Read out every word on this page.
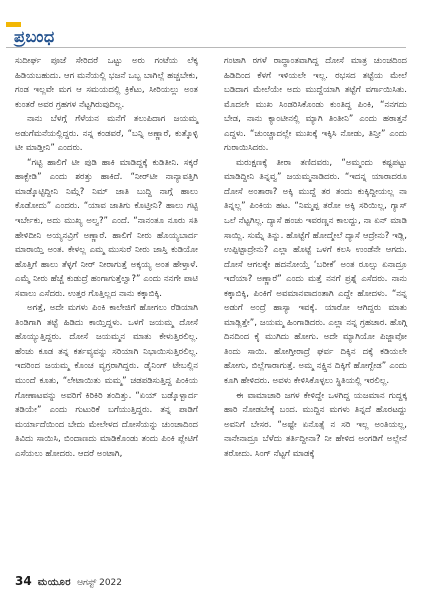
ಪ್ರಬಂಧ

ಸುದೀರ್ಘ ಪೂಜೆ ಸೇರಿದರೆ ಒಟ್ಟು ಅರು ಗಂಟೆಯ ಲೆಕ್ಕ ಹಿಡಿಯಬಹುದು. ಆಗ ಮನೆಯಲ್ಲಿ ಭಜನೆ ಒಬ್ಬ ಬಾಗಿಲ್ಲೆ ಹಚ್ಚಬೇಕು, ಗಂಡ ಇಲ್ಲವೇ ಮಗ ಆ ಸಮಯದಲ್ಲಿ ಕ್ರಿಕೆಟು, ಸೀರಿಯಲ್ಲು ಅಂತ ಕುಂತರೆ ಅವರ ಗ್ರಹಗಳ ನೆಟ್ಟಗಿರುವುದಿಲ್ಲ.

ನಾನು ಬೆಳಗ್ಗೆ ಗೆಳೆಯನ ಮನೆಗೆ ತಲುಪಿದಾಗ ಜಯಮ್ಮ ಅಡುಗೆಮನೆಯಲ್ಲಿದ್ದರು. ನನ್ನ ಕಂಡವರೆ, “ಬನ್ನಿ ಅಣ್ಣಾರೆ, ಕುತ್ಕೊಳ್ಳಿ ಟೀ ಮಾಡ್ತೀನಿ” ಎಂದರು.

“ಗಟ್ಟಿ ಹಾಲಿಗೆ ಟೀ ಪುಡಿ ಹಾಕಿ ಮಾಡಿದ್ದಕ್ಕೆ ಕುಡಿತೀನಿ. ಸಕ್ಕರೆ ಹಾಕ್ಬೇಡಿ” ಎಂದು ಶರತ್ತು ಹಾಕಿದೆ. “ನೀರ್‌ಟೀ ನಾನ್ಯಾವತ್ತಿಗಿ ಮಾಡ್ಕೊಟ್ಟಿದ್ದೀನಿ ನಿಮ್ಗೆ? ನಿಮ್ ಜಾತಿ ಬುದ್ದಿ ನಾಗ್ಗೆ ಹಾಲು ಕೊಡೋದು” ಎಂದರು. “ಯಾವ ಜಾತಿಗು ಕೊಟ್ತೀನಿ? ಹಾಲು ಗಟ್ಟಿ ಇರ್ಬೇಕು, ಅದು ಮುಖ್ಯ ಅಲ್ವ?” ಎಂದೆ. “ನಾನಂತೂ ನೂರು ಸತಿ ಹೇಳಿದೀನಿ ಅಯ್ಯನವ್ರಿಗೆ ಅಣ್ಣಾರೆ. ಹಾಲಿಗೆ ನೀರು ಹೊಯ್ಯಬಾರ್ದ ಮಾರಾಯ್ತಿ ಅಂತ. ಕೇಳಲ್ಲ ಎಮ್ಮ ಮುಸುರೆ ನೀರು ಜಾಸ್ತಿ ಕುಡಿಯೋ ಹೊತ್ತಿಗೆ ಹಾಲು ತೆಳ್ಳಗೆ ನೀರ್ ನೀರಾಗುತ್ತೆ ಅಕ್ಕಯ್ಯ ಅಂತ ಹೇಳ್ತಾಳೆ. ಎಮ್ಮೆ ನೀರು ಹೆಚ್ಚೆ ಕುಡುದ್ರೆ ಹಂಗಾಗುತ್ತೆಲ್ವಾ?” ಎಂದು ನನಗೇ ಪಾಟಿ ಸವಾಲು ಎಸೆದರು. ಉತ್ತರ ಗೊತ್ತಿಲ್ಲದ ನಾನು ಕಕ್ಕಾಬಿಕ್ಕಿ.

ಅಗತ್ತೆ, ಅದೇ ಮಗಳು ಪಿಂಕಿ ಕಾಲೇಜಿಗೆ ಹೋಗಲು ರೆಡಿಯಾಗಿ ತಿಂಡಿಗಾಗಿ ತಟ್ಟೆ ಹಿಡಿದು ಕಾಯ್ತಿದ್ದಳು. ಒಳಗೆ ಜಯಮ್ಮ ದೋಸೆ ಹೊಯ್ಯುತ್ತಿದ್ದರು. ದೋಸೆ ಜಯಮ್ಮನ ಮಾತು ಕೇಳುತ್ತಿರಲಿಲ್ಲ. ಹೆಂಚು ಕೂಡ ತನ್ನ ಕರ್ತವ್ಯವನ್ನು ಸರಿಯಾಗಿ ನಿಭಾಯಿಸುತ್ತಿರಲಿಲ್ಲ. ಇದರಿಂದ ಜಯಮ್ಮ ಕೊಂಚ ವ್ಯಗ್ರರಾಗಿದ್ದರು. ಡೈನಿಂಗ್ ಟೇಬಲ್ಲಿನ ಮುಂದೆ ಕೂತು, “ಲೇಟಾಯಿತು ಮಮ್ಮ” ಚಡಪಡಿಸುತ್ತಿದ್ದ ಪಿಂಕಿಯ ಗೋಣಾಟವನ್ನು ಅವರಿಗೆ ಕಿರಿಕಿರಿ ತಂದಿತ್ತು. “ಏಯ್ ಬಡ್ಕೊಳ್ಬಾರ್ದ ತಡಿಯೇ” ಎಂದು ಗುಟುರಿಕೆ ಬಗೆಯುತ್ತಿದ್ದರು. ತನ್ನ ಪಾಡಿಗೆ ಮರ್ಯಾದೆಯಿಂದ ಬೇದು ಮೇಲೇಳದ ದೋಸೆಯನ್ನು ಚುಂಚಾದಿಂದ ತಿವಿದು ಸಾಯಿಸಿ, ಬಿಂದಾಣದು ಮಾಡಿಕೊಂಡು ತಂದು ಪಿಂಕಿ ಪ್ಲೇಟಿಗೆ ಎಸೆಯಲು ಹೋದರು. ಆದರೆ ಅಂಟಾಗಿ,

ಗಂಟಾಗಿ ರಗಳೆ ರಾದ್ಧಾಂತವಾಗಿದ್ದ ದೋಸೆ ಮಾತ್ರ ಚುಂಚದಿಂದ ಹಿಡಿದಿಂದ ಕೆಳಗೆ ಇಳಿಯಲೇ ಇಲ್ಲ. ರಭಸದ ತಟ್ಟೆಯ ಮೇಲೆ ಬಡಿದಾಗ ಮೇಲೆಯೇ ಅದು ಮುದ್ದೆಯಾಗಿ ತಟ್ಟೆಗೆ ವರ್ಗಾಯಿಸಿತು. ಮೊದಲೇ ಮುಖ ಸಿಂಡರಿಸಿಕೊಂಡು ಕುಂತಿದ್ದ ಪಿಂಕಿ, “ನನಗದು ಬೇಡ, ನಾನು ಕ್ಯಾಂಟೀನಲ್ಲಿ ಮ್ಯಾಗಿ ತಿಂತೀನಿ” ಎಂದು ಹಠಾತ್ತನೆ ಎದ್ದಳು. “ಚುಂಚ್ಚಾದಲ್ಲೇ ಮುಖಕ್ಕೆ ಇಕ್ಕಿಸಿ ನೋಡು, ತಿನ್ತೀ” ಎಂದು ಗುರಾಯಿಸಿದರು.

ಮರುಕ್ಷಣಕ್ಕೆ ತೀರಾ ತಣಿದವರು, “ಅಮ್ಮಂದು ಕಷ್ಟಪಟ್ಟು ಮಾಡಿದ್ದೀನಿ ತಿನ್ನವ್ವ” ಜಯಮ್ಮನಾಡಿದರು. “ಇದನ್ನ ಯಾರಾದರೂ ದೋಸೆ ಅಂತಾರಾ? ಅಕ್ಕಿ ಮುದ್ದೆ ತರ ತಂದು ಕುಕ್ಕಿದ್ದೀಯಲ್ಲ ನಾ ತಿನ್ನಲ್ಲ” ಪಿಂಕಿಯ ಹಟ. “ನಿಮ್ಮಪ್ಪ ತರೋ ಅಕ್ಕಿ ಸರಿಯಿಲ್ಲ, ಗ್ಯಾಸ್ ಒಲೆ ನೆಟ್ಟಗಿಲ್ಲ. ದ್ಯಾಸೆ ಹಂಚು ಇವರಣ್ಣನ ಕಾಲದ್ದು, ನಾ ಏನ್ ಮಾಡಿ ಸಾಯ್ಲಿ. ಸುಮ್ನೆ ತಿನ್ನು. ಹೊಟ್ಟೆಗೆ ಹೋದ್ಮೇಲೆ ದ್ಯಾಸೆ ಆದ್ರೇನು? ಇಡ್ಲಿ, ಉಪ್ಪಿಟ್ಟಾದ್ರೇನು? ಎಲ್ಲಾ ಹೊಟ್ಟೆ ಒಳಗೆ ಕಲಸಿ ಉಂಡೆನೇ ಆಗದು. ದೋಸೆ ಆಗಲಕ್ಕೇ ಹದನೋಯ್ತೆ ‘ಬರೀಕೆ’ ಅಂತ ರೂಲ್ಸು ಏನಾದ್ರೂ ಇದೆಯಾ? ಅಣ್ಣಾರೆ” ಎಂದು ಮತ್ತೆ ನನಗೆ ಪ್ರಶ್ನೆ ಎಸೆದರು. ನಾನು ಕಕ್ಕಾಬಿಕ್ಕಿ, ಪಿಂಕಿಗೆ ಅವಮಾನವಾದಂತಾಗಿ ಎದ್ದೇ ಹೋದಳು. “ನನ್ನ ಅಡುಗೆ ಅಂದ್ರೆ ಹಾಸ್ಯಾ ಇವಕ್ಕೆ. ಯಾರೋ ಆಗಿದ್ದರು ಮಾತು ಮಾಡ್ಲಿತ್ತೇ”, ಜಯಮ್ಮ ಹಿಂಗಾಡಿದರು. ಎಲ್ಲಾ ನನ್ನ ಗ್ರಹಚಾರ. ಹೊಗ್ಗಿ ದಿನದಿಂದ ಕೈ ಮುಗಿದು ಹೋಗು. ಅದೇ ಮ್ಯಾಗಿಯೋ ಪಿಜ್ಜಾವೋ ತಿಂದು ಸಾಯಿ. ಹೋಗ್ತೀರಾದ್ರೆ ಘರ್ವ ದಿಕ್ಕಿನ ದಕ್ಕೆ ಕಡಿಯಲೇ ಹೋಗು, ಬಿಲ್ಲೆಗಾರಾಗುತ್ತೆ. ಅಮ್ಮ ನಕ್ಷ್ತಿನ ದಿಕ್ಕಿಗೆ ಹೋಗ್ಬೇಡ” ಎಂದು ಕೂಗಿ ಹೇಳಿದರು. ಅವಳು ಕೇಳಿಸಿಕೊಳ್ಳಲು ಸ್ಥಿತಿಯಲ್ಲಿ ಇರಲಿಲ್ಲ.

ಈ ವಾಮಾಚಾರಿ ಜಗಳ ಕೇಳಿದ್ದೇ ಒಳಗಿದ್ದ ಯಜಮಾನ ಗುದ್ದಕ್ಕ ಹಾರಿ ನೋಡಬೇಕ್ಕೆ ಬಂದ. ಮುದ್ದಿನ ಮಗಳು ತಿನ್ನದೆ ಹೊರಟದ್ದು ಅವನಿಗೆ ಬೇಸರ. “ಅಷ್ಟೇ ಏನೊತ್ಸೆ ನ ಸರಿ ಇಲ್ಲ ಅಂತಿಯಲ್ಲ, ನಾನೇನಾದ್ರೂ ಬೆಳೆದು ತರ್ತಿದ್ದೀನಾ? ನೀ ಹೇಳಿದ ಅಂಗಡಿಗೆ ಅಲ್ಲೇನೆ ತರೋದು. ಸಿಂಗ್ ನೆಟ್ಟಗೆ ಮಾಡಕ್ಕೆ

34 ಮಯೂರ ಆಗಸ್ಟ್ 2022
